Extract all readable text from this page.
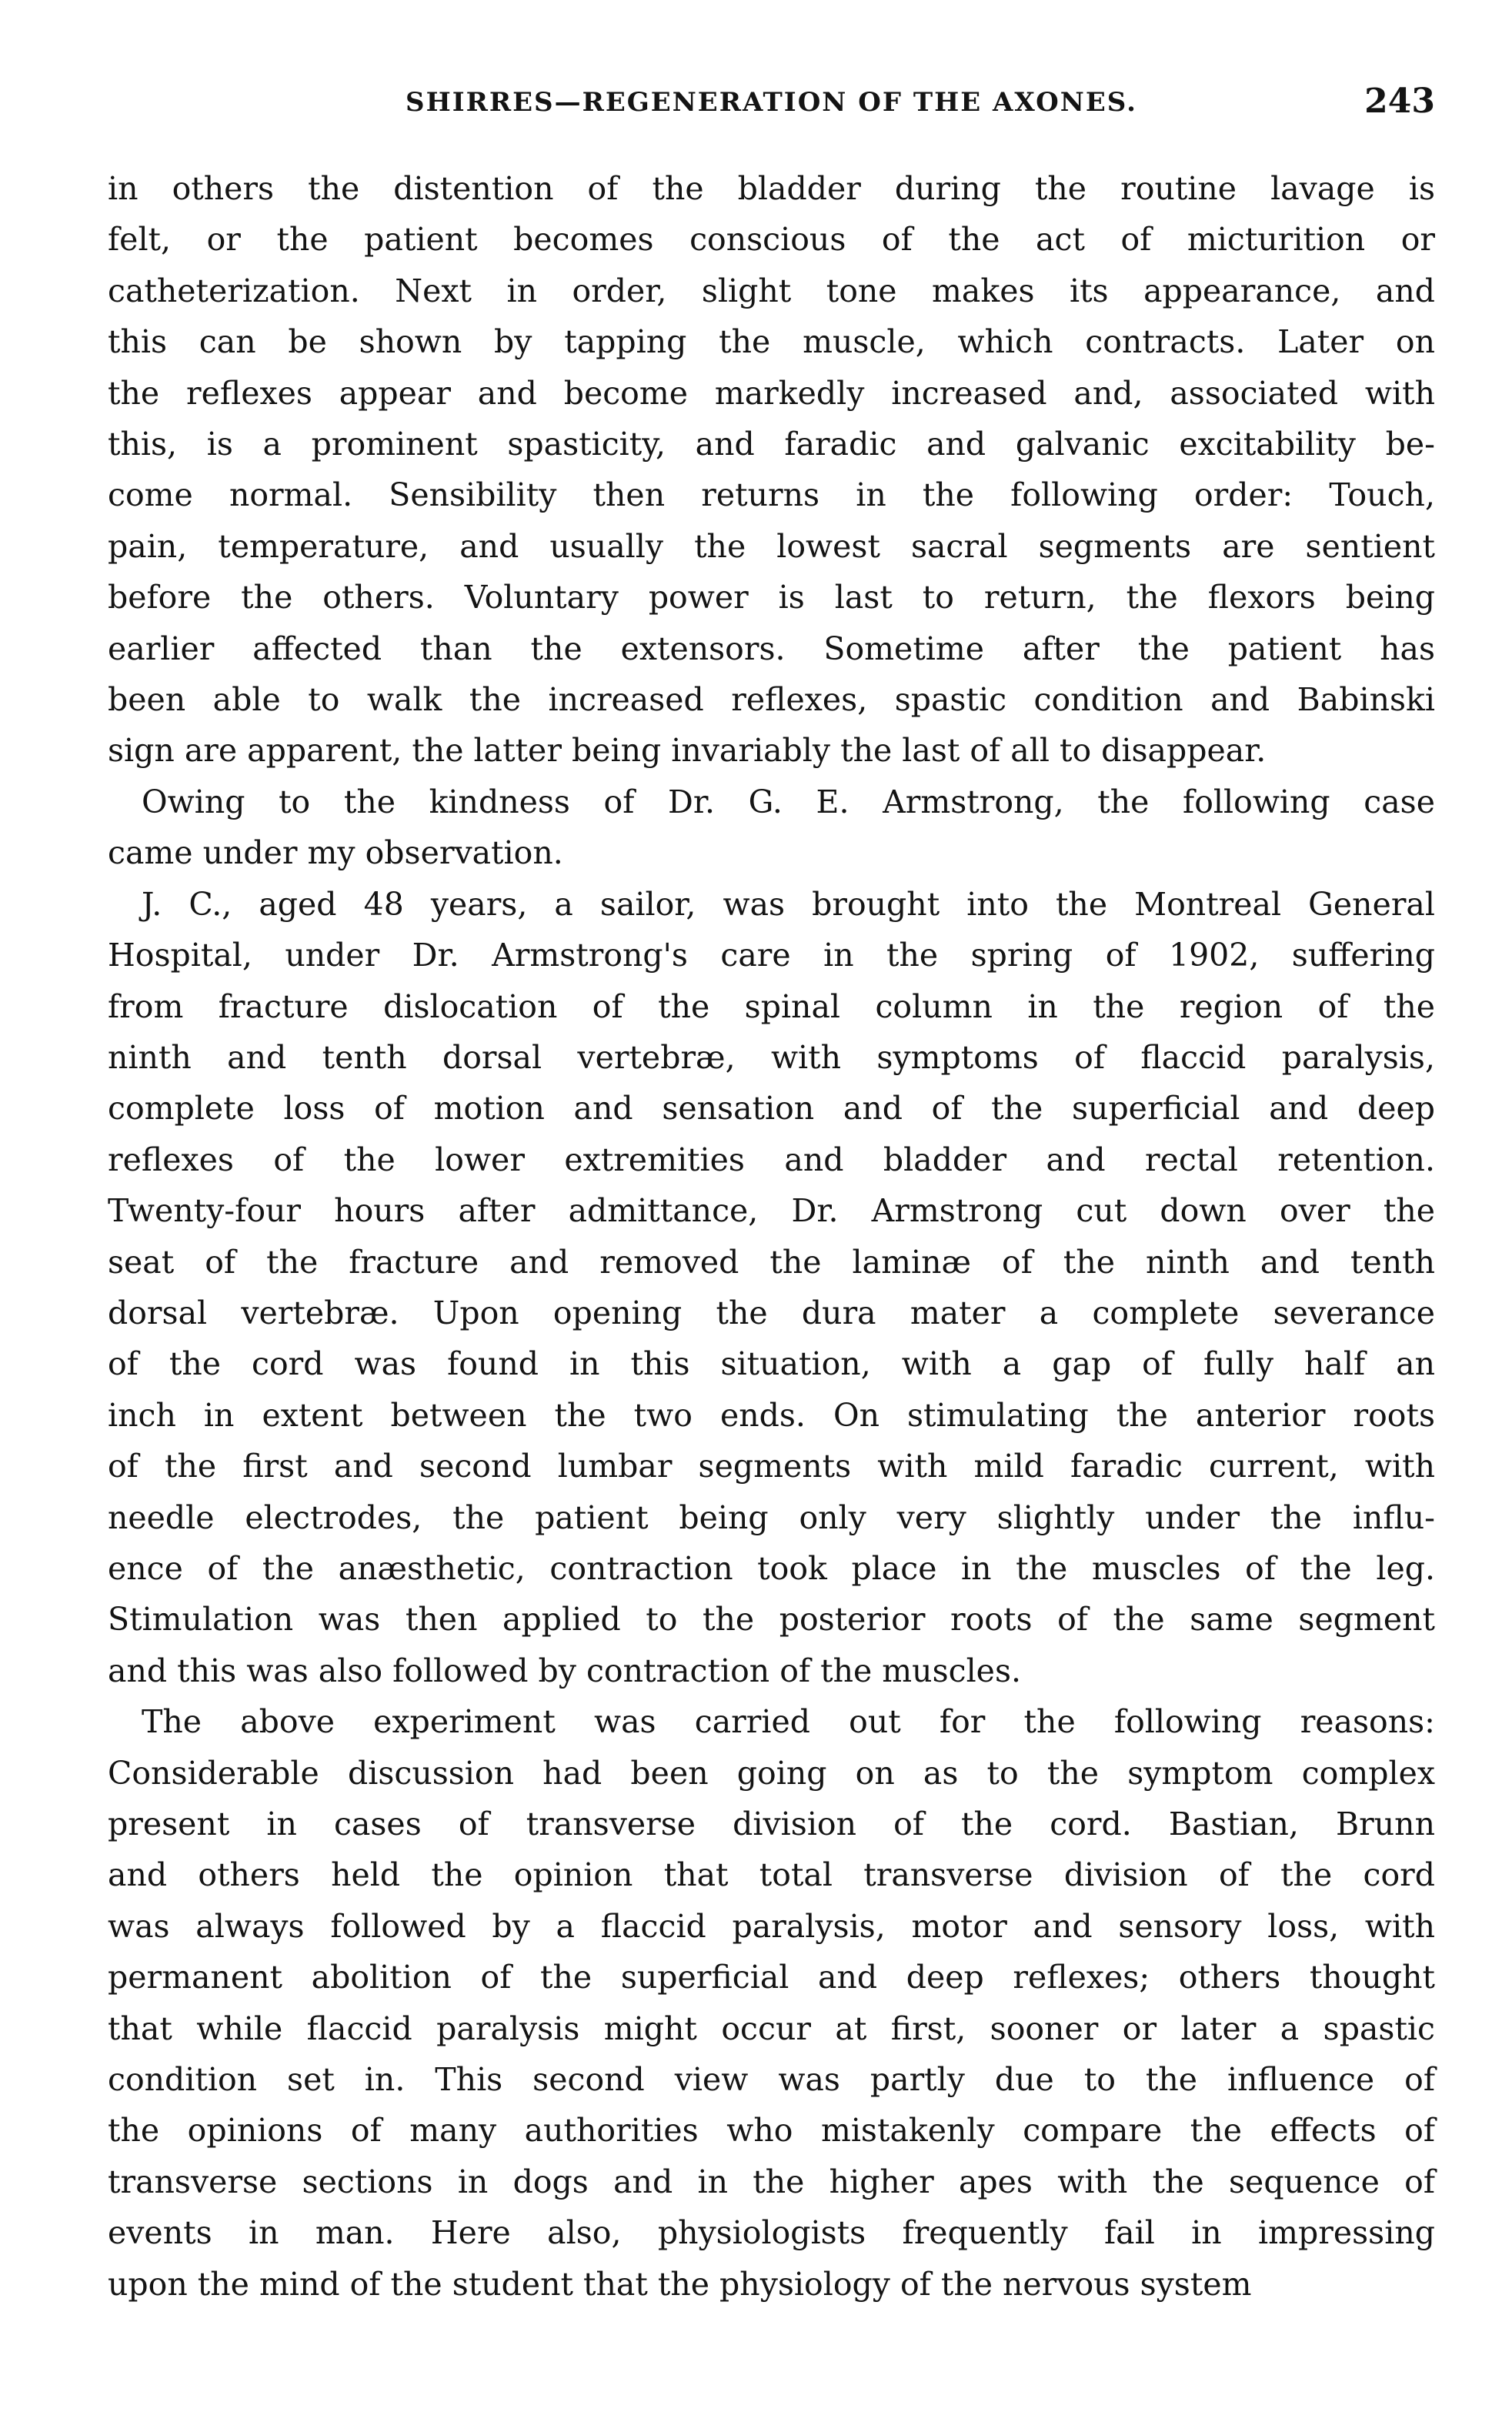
SHIRRES—REGENERATION OF THE AXONES.	243
in others the distention of the bladder during the routine lavage is
felt, or the patient becomes conscious of the act of micturition or
catheterization. Next in order, slight tone makes its appearance, and
this can be shown by tapping the muscle, which contracts. Later on
the reflexes appear and become markedly increased and, associated with
this, is a prominent spasticity, and faradic and galvanic excitability be-
come normal. Sensibility then returns in the following order: Touch,
pain, temperature, and usually the lowest sacral segments are sentient
before the others. Voluntary power is last to return, the flexors being
earlier affected than the extensors. Sometime after the patient has
been able to walk the increased reflexes, spastic condition and Babinski
sign are apparent, the latter being invariably the last of all to disappear.
Owing to the kindness of Dr. G. E. Armstrong, the following case
came under my observation.
J. C., aged 48 years, a sailor, was brought into the Montreal General
Hospital, under Dr. Armstrong's care in the spring of 1902, suffering
from fracture dislocation of the spinal column in the region of the
ninth and tenth dorsal vertebræ, with symptoms of flaccid paralysis,
complete loss of motion and sensation and of the superficial and deep
reflexes of the lower extremities and bladder and rectal retention.
Twenty-four hours after admittance, Dr. Armstrong cut down over the
seat of the fracture and removed the laminæ of the ninth and tenth
dorsal vertebræ. Upon opening the dura mater a complete severance
of the cord was found in this situation, with a gap of fully half an
inch in extent between the two ends. On stimulating the anterior roots
of the first and second lumbar segments with mild faradic current, with
needle electrodes, the patient being only very slightly under the influ-
ence of the anæsthetic, contraction took place in the muscles of the leg.
Stimulation was then applied to the posterior roots of the same segment
and this was also followed by contraction of the muscles.
The above experiment was carried out for the following reasons:
Considerable discussion had been going on as to the symptom complex
present in cases of transverse division of the cord. Bastian, Brunn
and others held the opinion that total transverse division of the cord
was always followed by a flaccid paralysis, motor and sensory loss, with
permanent abolition of the superficial and deep reflexes; others thought
that while flaccid paralysis might occur at first, sooner or later a spastic
condition set in. This second view was partly due to the influence of
the opinions of many authorities who mistakenly compare the effects of
transverse sections in dogs and in the higher apes with the sequence of
events in man. Here also, physiologists frequently fail in impressing
upon the mind of the student that the physiology of the nervous system
